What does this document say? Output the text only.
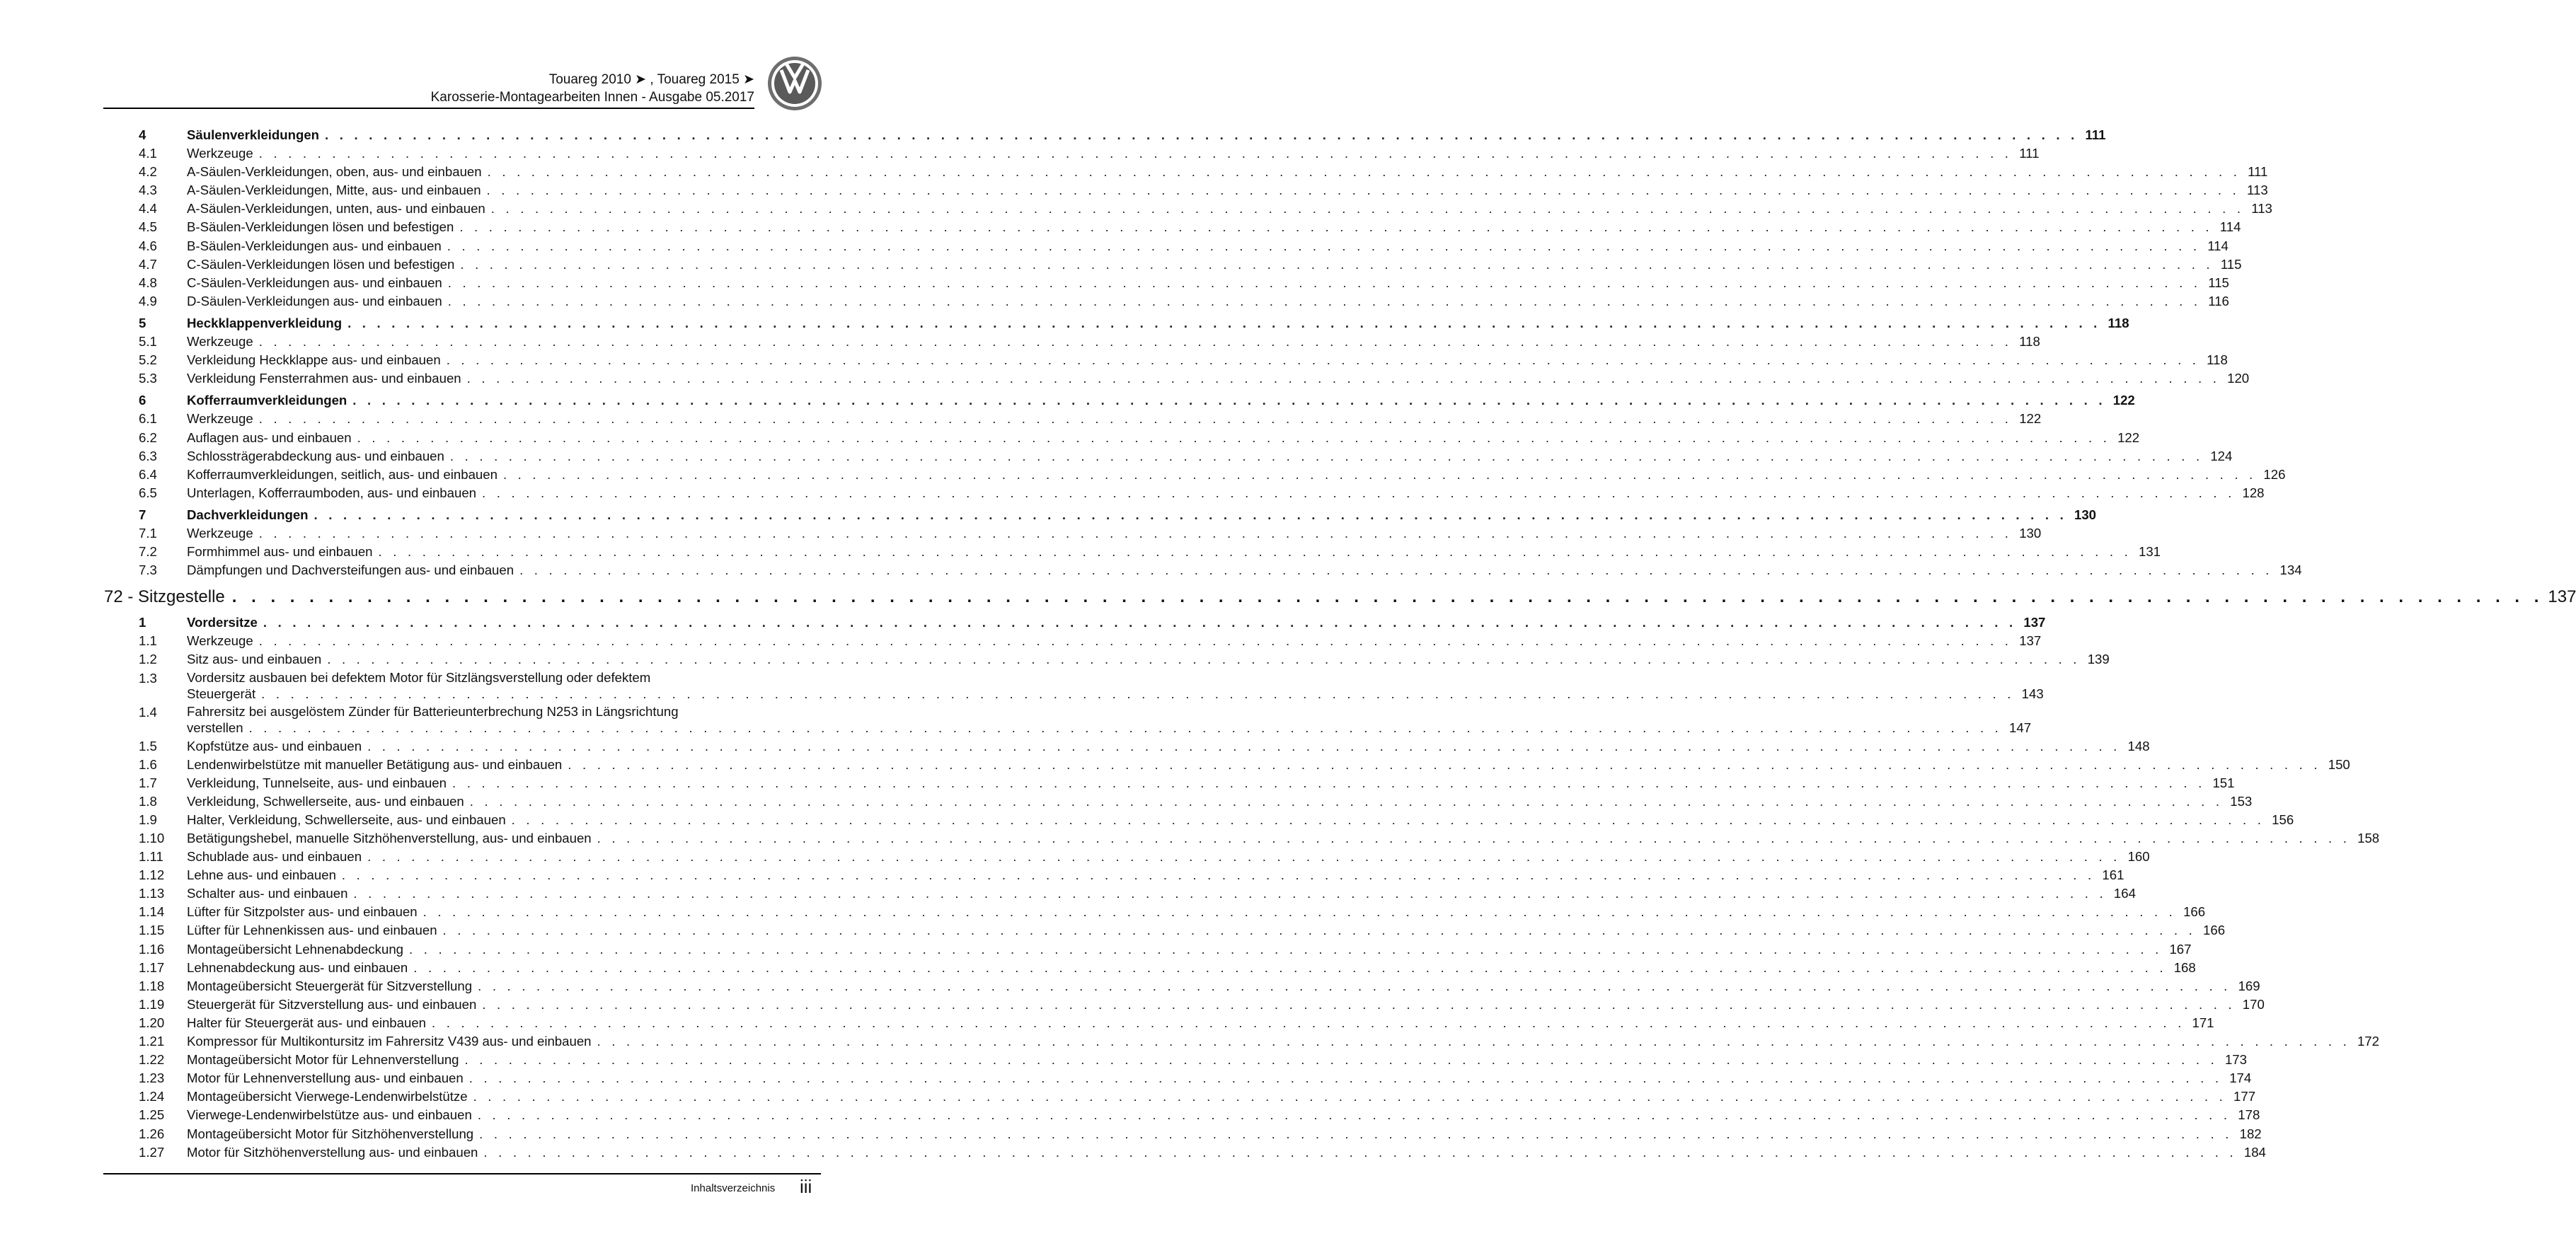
Touareg 2010 ➤ , Touareg 2015 ➤
Karosserie-Montagearbeiten Innen - Ausgabe 05.2017
4	Säulenverkleidungen . . . . . . . . . . . . . . . . . . . . . . . . . . . . . . . . . . . . . . . . . . . . . . . . . . . . . . . . . . . . . . . . . . . . . . . . . . . . . . . . . . . . . . . . . . . . . . . . . . . . . . . . . . . . . . . . . . . . . . . . 111
4.1 Werkzeuge . . . . . . . . . . . . . . . . . . . . . . . . . . . . . . . . . . . . . . . . . . . . . . . . . . . . . . . . . . . . . . . . . . . . . . . . . . . . . . . . . . . . . . . . . . . . . . . . . . . . . . . . . . . . . . . . . . . . . . . . 111
4.2 A-Säulen-Verkleidungen, oben, aus- und einbauen . . . . . . . . . . . . . . . . . . . . . . . . . . . . . . . . . . . . . . . . . . . . . . . . . . . . . . . . . . . . . . . . . . . . . . . . . . . . . . . . . . . . . . . . . . . . . . . . . . . . . . . . . . . . . . . . . . . . . . . . 111
4.3 A-Säulen-Verkleidungen, Mitte, aus- und einbauen . . . . . . . . . . . . . . . . . . . . . . . . . . . . . . . . . . . . . . . . . . . . . . . . . . . . . . . . . . . . . . . . . . . . . . . . . . . . . . . . . . . . . . . . . . . . . . . . . . . . . . . . . . . . . . . . . . . . . . . . 113
4.4 A-Säulen-Verkleidungen, unten, aus- und einbauen . . . . . . . . . . . . . . . . . . . . . . . . . . . . . . . . . . . . . . . . . . . . . . . . . . . . . . . . . . . . . . . . . . . . . . . . . . . . . . . . . . . . . . . . . . . . . . . . . . . . . . . . . . . . . . . . . . . . . . . . 113
4.5 B-Säulen-Verkleidungen lösen und befestigen . . . . . . . . . . . . . . . . . . . . . . . . . . . . . . . . . . . . . . . . . . . . . . . . . . . . . . . . . . . . . . . . . . . . . . . . . . . . . . . . . . . . . . . . . . . . . . . . . . . . . . . . . . . . . . . . . . . . . . . . 114
4.6 B-Säulen-Verkleidungen aus- und einbauen . . . . . . . . . . . . . . . . . . . . . . . . . . . . . . . . . . . . . . . . . . . . . . . . . . . . . . . . . . . . . . . . . . . . . . . . . . . . . . . . . . . . . . . . . . . . . . . . . . . . . . . . . . . . . . . . . . . . . . . . 114
4.7 C-Säulen-Verkleidungen lösen und befestigen . . . . . . . . . . . . . . . . . . . . . . . . . . . . . . . . . . . . . . . . . . . . . . . . . . . . . . . . . . . . . . . . . . . . . . . . . . . . . . . . . . . . . . . . . . . . . . . . . . . . . . . . . . . . . . . . . . . . . . . . 115
4.8 C-Säulen-Verkleidungen aus- und einbauen . . . . . . . . . . . . . . . . . . . . . . . . . . . . . . . . . . . . . . . . . . . . . . . . . . . . . . . . . . . . . . . . . . . . . . . . . . . . . . . . . . . . . . . . . . . . . . . . . . . . . . . . . . . . . . . . . . . . . . . . 115
4.9 D-Säulen-Verkleidungen aus- und einbauen . . . . . . . . . . . . . . . . . . . . . . . . . . . . . . . . . . . . . . . . . . . . . . . . . . . . . . . . . . . . . . . . . . . . . . . . . . . . . . . . . . . . . . . . . . . . . . . . . . . . . . . . . . . . . . . . . . . . . . . . 116
5	Heckklappenverkleidung . . . . . . . . . . . . . . . . . . . . . . . . . . . . . . . . . . . . . . . . . . . . . . . . . . . . . . . . . . . . . . . . . . . . . . . . . . . . . . . . . . . . . . . . . . . . . . . . . . . . . . . . . . . . . . . . . . . . . . . . 118
5.1 Werkzeuge . . . . . . . . . . . . . . . . . . . . . . . . . . . . . . . . . . . . . . . . . . . . . . . . . . . . . . . . . . . . . . . . . . . . . . . . . . . . . . . . . . . . . . . . . . . . . . . . . . . . . . . . . . . . . . . . . . . . . . . . 118
5.2 Verkleidung Heckklappe aus- und einbauen . . . . . . . . . . . . . . . . . . . . . . . . . . . . . . . . . . . . . . . . . . . . . . . . . . . . . . . . . . . . . . . . . . . . . . . . . . . . . . . . . . . . . . . . . . . . . . . . . . . . . . . . . . . . . . . . . . . . . . . . 118
5.3 Verkleidung Fensterrahmen aus- und einbauen . . . . . . . . . . . . . . . . . . . . . . . . . . . . . . . . . . . . . . . . . . . . . . . . . . . . . . . . . . . . . . . . . . . . . . . . . . . . . . . . . . . . . . . . . . . . . . . . . . . . . . . . . . . . . . . . . . . . . . . . 120
6	Kofferraumverkleidungen . . . . . . . . . . . . . . . . . . . . . . . . . . . . . . . . . . . . . . . . . . . . . . . . . . . . . . . . . . . . . . . . . . . . . . . . . . . . . . . . . . . . . . . . . . . . . . . . . . . . . . . . . . . . . . . . . . . . . . . . 122
6.1 Werkzeuge . . . . . . . . . . . . . . . . . . . . . . . . . . . . . . . . . . . . . . . . . . . . . . . . . . . . . . . . . . . . . . . . . . . . . . . . . . . . . . . . . . . . . . . . . . . . . . . . . . . . . . . . . . . . . . . . . . . . . . . . 122
6.2 Auflagen aus- und einbauen . . . . . . . . . . . . . . . . . . . . . . . . . . . . . . . . . . . . . . . . . . . . . . . . . . . . . . . . . . . . . . . . . . . . . . . . . . . . . . . . . . . . . . . . . . . . . . . . . . . . . . . . . . . . . . . . . . . . . . . . 122
6.3 Schlossträgerabdeckung aus- und einbauen . . . . . . . . . . . . . . . . . . . . . . . . . . . . . . . . . . . . . . . . . . . . . . . . . . . . . . . . . . . . . . . . . . . . . . . . . . . . . . . . . . . . . . . . . . . . . . . . . . . . . . . . . . . . . . . . . . . . . . . . 124
6.4 Kofferraumverkleidungen, seitlich, aus- und einbauen . . . . . . . . . . . . . . . . . . . . . . . . . . . . . . . . . . . . . . . . . . . . . . . . . . . . . . . . . . . . . . . . . . . . . . . . . . . . . . . . . . . . . . . . . . . . . . . . . . . . . . . . . . . . . . . . . . . . . . . . 126
6.5 Unterlagen, Kofferraumboden, aus- und einbauen . . . . . . . . . . . . . . . . . . . . . . . . . . . . . . . . . . . . . . . . . . . . . . . . . . . . . . . . . . . . . . . . . . . . . . . . . . . . . . . . . . . . . . . . . . . . . . . . . . . . . . . . . . . . . . . . . . . . . . . . 128
7	Dachverkleidungen . . . . . . . . . . . . . . . . . . . . . . . . . . . . . . . . . . . . . . . . . . . . . . . . . . . . . . . . . . . . . . . . . . . . . . . . . . . . . . . . . . . . . . . . . . . . . . . . . . . . . . . . . . . . . . . . . . . . . . . . 130
7.1 Werkzeuge . . . . . . . . . . . . . . . . . . . . . . . . . . . . . . . . . . . . . . . . . . . . . . . . . . . . . . . . . . . . . . . . . . . . . . . . . . . . . . . . . . . . . . . . . . . . . . . . . . . . . . . . . . . . . . . . . . . . . . . . 130
7.2 Formhimmel aus- und einbauen . . . . . . . . . . . . . . . . . . . . . . . . . . . . . . . . . . . . . . . . . . . . . . . . . . . . . . . . . . . . . . . . . . . . . . . . . . . . . . . . . . . . . . . . . . . . . . . . . . . . . . . . . . . . . . . . . . . . . . . . 131
7.3 Dämpfungen und Dachversteifungen aus- und einbauen . . . . . . . . . . . . . . . . . . . . . . . . . . . . . . . . . . . . . . . . . . . . . . . . . . . . . . . . . . . . . . . . . . . . . . . . . . . . . . . . . . . . . . . . . . . . . . . . . . . . . . . . . . . . . . . . . . . . . . . . 134
72 - Sitzgestelle . . . . . . . . . . . . . . . . . . . . . . . . . . . . . . . . . . . . . . . . . . . . . . . . . . . . . . . . . . . . . . . . . . . . . . . . . . . . . . . . . . . . . . . . . . . . . . . . . . . . . . . . . . . . . . . . . . . . . . . . 137
1	Vordersitze . . . . . . . . . . . . . . . . . . . . . . . . . . . . . . . . . . . . . . . . . . . . . . . . . . . . . . . . . . . . . . . . . . . . . . . . . . . . . . . . . . . . . . . . . . . . . . . . . . . . . . . . . . . . . . . . . . . . . . . . 137
1.1 Werkzeuge . . . . . . . . . . . . . . . . . . . . . . . . . . . . . . . . . . . . . . . . . . . . . . . . . . . . . . . . . . . . . . . . . . . . . . . . . . . . . . . . . . . . . . . . . . . . . . . . . . . . . . . . . . . . . . . . . . . . . . . . 137
1.2 Sitz aus- und einbauen . . . . . . . . . . . . . . . . . . . . . . . . . . . . . . . . . . . . . . . . . . . . . . . . . . . . . . . . . . . . . . . . . . . . . . . . . . . . . . . . . . . . . . . . . . . . . . . . . . . . . . . . . . . . . . . . . . . . . . . . 139
1.3 Vordersitz ausbauen bei defektem Motor für Sitzlängsverstellung oder defektem
Steuergerät . . . . . . . . . . . . . . . . . . . . . . . . . . . . . . . . . . . . . . . . . . . . . . . . . . . . . . . . . . . . . . . . . . . . . . . . . . . . . . . . . . . . . . . . . . . . . . . . . . . . . . . . . . . . . . . . . . . . . . . . 143
1.4 Fahrersitz bei ausgelöstem Zünder für Batterieunterbrechung N253 in Längsrichtung
verstellen . . . . . . . . . . . . . . . . . . . . . . . . . . . . . . . . . . . . . . . . . . . . . . . . . . . . . . . . . . . . . . . . . . . . . . . . . . . . . . . . . . . . . . . . . . . . . . . . . . . . . . . . . . . . . . . . . . . . . . . . 147
1.5 Kopfstütze aus- und einbauen . . . . . . . . . . . . . . . . . . . . . . . . . . . . . . . . . . . . . . . . . . . . . . . . . . . . . . . . . . . . . . . . . . . . . . . . . . . . . . . . . . . . . . . . . . . . . . . . . . . . . . . . . . . . . . . . . . . . . . . . 148
1.6 Lendenwirbelstütze mit manueller Betätigung aus- und einbauen . . . . . . . . . . . . . . . . . . . . . . . . . . . . . . . . . . . . . . . . . . . . . . . . . . . . . . . . . . . . . . . . . . . . . . . . . . . . . . . . . . . . . . . . . . . . . . . . . . . . . . . . . . . . . . . . . . . . . . . . 150
1.7 Verkleidung, Tunnelseite, aus- und einbauen . . . . . . . . . . . . . . . . . . . . . . . . . . . . . . . . . . . . . . . . . . . . . . . . . . . . . . . . . . . . . . . . . . . . . . . . . . . . . . . . . . . . . . . . . . . . . . . . . . . . . . . . . . . . . . . . . . . . . . . . 151
1.8 Verkleidung, Schwellerseite, aus- und einbauen . . . . . . . . . . . . . . . . . . . . . . . . . . . . . . . . . . . . . . . . . . . . . . . . . . . . . . . . . . . . . . . . . . . . . . . . . . . . . . . . . . . . . . . . . . . . . . . . . . . . . . . . . . . . . . . . . . . . . . . . 153
1.9 Halter, Verkleidung, Schwellerseite, aus- und einbauen . . . . . . . . . . . . . . . . . . . . . . . . . . . . . . . . . . . . . . . . . . . . . . . . . . . . . . . . . . . . . . . . . . . . . . . . . . . . . . . . . . . . . . . . . . . . . . . . . . . . . . . . . . . . . . . . . . . . . . . . 156
1.10 Betätigungshebel, manuelle Sitzhöhenverstellung, aus- und einbauen . . . . . . . . . . . . . . . . . . . . . . . . . . . . . . . . . . . . . . . . . . . . . . . . . . . . . . . . . . . . . . . . . . . . . . . . . . . . . . . . . . . . . . . . . . . . . . . . . . . . . . . . . . . . . . . . . . . . . . . . 158
1.11 Schublade aus- und einbauen . . . . . . . . . . . . . . . . . . . . . . . . . . . . . . . . . . . . . . . . . . . . . . . . . . . . . . . . . . . . . . . . . . . . . . . . . . . . . . . . . . . . . . . . . . . . . . . . . . . . . . . . . . . . . . . . . . . . . . . . 160
1.12 Lehne aus- und einbauen . . . . . . . . . . . . . . . . . . . . . . . . . . . . . . . . . . . . . . . . . . . . . . . . . . . . . . . . . . . . . . . . . . . . . . . . . . . . . . . . . . . . . . . . . . . . . . . . . . . . . . . . . . . . . . . . . . . . . . . . 161
1.13 Schalter aus- und einbauen . . . . . . . . . . . . . . . . . . . . . . . . . . . . . . . . . . . . . . . . . . . . . . . . . . . . . . . . . . . . . . . . . . . . . . . . . . . . . . . . . . . . . . . . . . . . . . . . . . . . . . . . . . . . . . . . . . . . . . . . 164
1.14 Lüfter für Sitzpolster aus- und einbauen . . . . . . . . . . . . . . . . . . . . . . . . . . . . . . . . . . . . . . . . . . . . . . . . . . . . . . . . . . . . . . . . . . . . . . . . . . . . . . . . . . . . . . . . . . . . . . . . . . . . . . . . . . . . . . . . . . . . . . . . 166
1.15 Lüfter für Lehnenkissen aus- und einbauen . . . . . . . . . . . . . . . . . . . . . . . . . . . . . . . . . . . . . . . . . . . . . . . . . . . . . . . . . . . . . . . . . . . . . . . . . . . . . . . . . . . . . . . . . . . . . . . . . . . . . . . . . . . . . . . . . . . . . . . . 166
1.16 Montageübersicht Lehnenabdeckung . . . . . . . . . . . . . . . . . . . . . . . . . . . . . . . . . . . . . . . . . . . . . . . . . . . . . . . . . . . . . . . . . . . . . . . . . . . . . . . . . . . . . . . . . . . . . . . . . . . . . . . . . . . . . . . . . . . . . . . . 167
1.17 Lehnenabdeckung aus- und einbauen . . . . . . . . . . . . . . . . . . . . . . . . . . . . . . . . . . . . . . . . . . . . . . . . . . . . . . . . . . . . . . . . . . . . . . . . . . . . . . . . . . . . . . . . . . . . . . . . . . . . . . . . . . . . . . . . . . . . . . . . 168
1.18 Montageübersicht Steuergerät für Sitzverstellung . . . . . . . . . . . . . . . . . . . . . . . . . . . . . . . . . . . . . . . . . . . . . . . . . . . . . . . . . . . . . . . . . . . . . . . . . . . . . . . . . . . . . . . . . . . . . . . . . . . . . . . . . . . . . . . . . . . . . . . . 169
1.19 Steuergerät für Sitzverstellung aus- und einbauen . . . . . . . . . . . . . . . . . . . . . . . . . . . . . . . . . . . . . . . . . . . . . . . . . . . . . . . . . . . . . . . . . . . . . . . . . . . . . . . . . . . . . . . . . . . . . . . . . . . . . . . . . . . . . . . . . . . . . . . . 170
1.20 Halter für Steuergerät aus- und einbauen . . . . . . . . . . . . . . . . . . . . . . . . . . . . . . . . . . . . . . . . . . . . . . . . . . . . . . . . . . . . . . . . . . . . . . . . . . . . . . . . . . . . . . . . . . . . . . . . . . . . . . . . . . . . . . . . . . . . . . . . 171
1.21 Kompressor für Multikontursitz im Fahrersitz V439 aus- und einbauen . . . . . . . . . . . . . . . . . . . . . . . . . . . . . . . . . . . . . . . . . . . . . . . . . . . . . . . . . . . . . . . . . . . . . . . . . . . . . . . . . . . . . . . . . . . . . . . . . . . . . . . . . . . . . . . . . . . . . . . . 172
1.22 Montageübersicht Motor für Lehnenverstellung . . . . . . . . . . . . . . . . . . . . . . . . . . . . . . . . . . . . . . . . . . . . . . . . . . . . . . . . . . . . . . . . . . . . . . . . . . . . . . . . . . . . . . . . . . . . . . . . . . . . . . . . . . . . . . . . . . . . . . . . 173
1.23 Motor für Lehnenverstellung aus- und einbauen . . . . . . . . . . . . . . . . . . . . . . . . . . . . . . . . . . . . . . . . . . . . . . . . . . . . . . . . . . . . . . . . . . . . . . . . . . . . . . . . . . . . . . . . . . . . . . . . . . . . . . . . . . . . . . . . . . . . . . . . 174
1.24 Montageübersicht Vierwege-Lendenwirbelstütze . . . . . . . . . . . . . . . . . . . . . . . . . . . . . . . . . . . . . . . . . . . . . . . . . . . . . . . . . . . . . . . . . . . . . . . . . . . . . . . . . . . . . . . . . . . . . . . . . . . . . . . . . . . . . . . . . . . . . . . . 177
1.25 Vierwege-Lendenwirbelstütze aus- und einbauen . . . . . . . . . . . . . . . . . . . . . . . . . . . . . . . . . . . . . . . . . . . . . . . . . . . . . . . . . . . . . . . . . . . . . . . . . . . . . . . . . . . . . . . . . . . . . . . . . . . . . . . . . . . . . . . . . . . . . . . . 178
1.26 Montageübersicht Motor für Sitzhöhenverstellung . . . . . . . . . . . . . . . . . . . . . . . . . . . . . . . . . . . . . . . . . . . . . . . . . . . . . . . . . . . . . . . . . . . . . . . . . . . . . . . . . . . . . . . . . . . . . . . . . . . . . . . . . . . . . . . . . . . . . . . . 182
1.27 Motor für Sitzhöhenverstellung aus- und einbauen . . . . . . . . . . . . . . . . . . . . . . . . . . . . . . . . . . . . . . . . . . . . . . . . . . . . . . . . . . . . . . . . . . . . . . . . . . . . . . . . . . . . . . . . . . . . . . . . . . . . . . . . . . . . . . . . . . . . . . . . 184
Inhaltsverzeichnis iii
